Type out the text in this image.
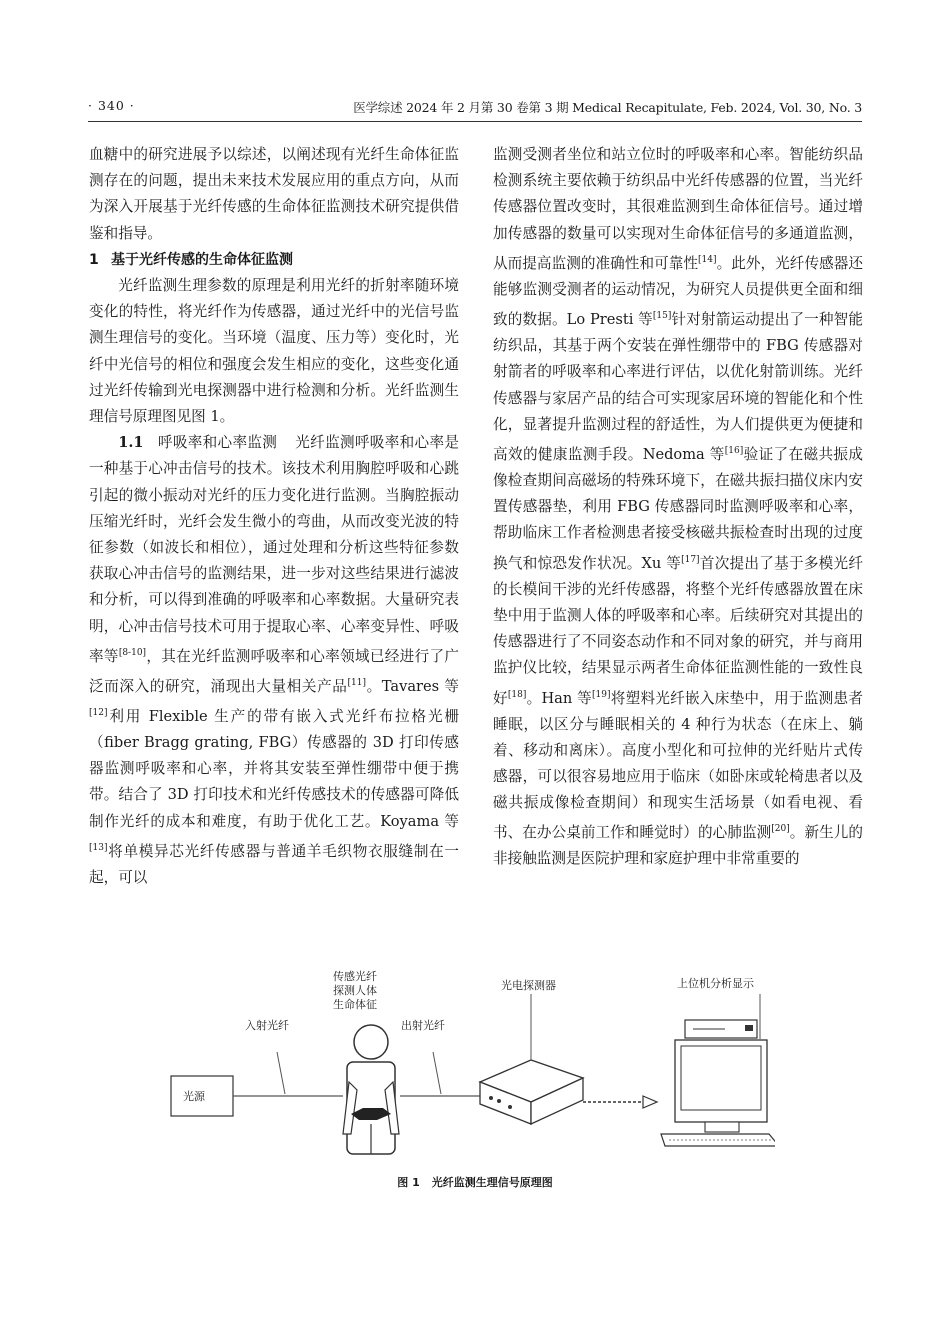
· 340 ·	医学综述 2024 年 2 月第 30 卷第 3 期 Medical Recapitulate, Feb. 2024, Vol. 30, No. 3

血糖中的研究进展予以综述，以阐述现有光纤生命体征监测存在的问题，提出未来技术发展应用的重点方向，从而为深入开展基于光纤传感的生命体征监测技术研究提供借鉴和指导。

1 基于光纤传感的生命体征监测

光纤监测生理参数的原理是利用光纤的折射率随环境变化的特性，将光纤作为传感器，通过光纤中的光信号监测生理信号的变化。当环境（温度、压力等）变化时，光纤中光信号的相位和强度会发生相应的变化，这些变化通过光纤传输到光电探测器中进行检测和分析。光纤监测生理信号原理图见图 1。

1.1 呼吸率和心率监测 光纤监测呼吸率和心率是一种基于心冲击信号的技术。该技术利用胸腔呼吸和心跳引起的微小振动对光纤的压力变化进行监测。当胸腔振动压缩光纤时，光纤会发生微小的弯曲，从而改变光波的特征参数（如波长和相位），通过处理和分析这些特征参数获取心冲击信号的监测结果，进一步对这些结果进行滤波和分析，可以得到准确的呼吸率和心率数据。大量研究表明，心冲击信号技术可用于提取心率、心率变异性、呼吸率等[8-10]，其在光纤监测呼吸率和心率领域已经进行了广泛而深入的研究，涌现出大量相关产品[11]。Tavares 等[12]利用 Flexible 生产的带有嵌入式光纤布拉格光栅（fiber Bragg grating, FBG）传感器的 3D 打印传感器监测呼吸率和心率，并将其安装至弹性绷带中便于携带。结合了 3D 打印技术和光纤传感技术的传感器可降低制作光纤的成本和难度，有助于优化工艺。Koyama 等[13]将单模异芯光纤传感器与普通羊毛织物衣服缝制在一起，可以

监测受测者坐位和站立位时的呼吸率和心率。智能纺织品检测系统主要依赖于纺织品中光纤传感器的位置，当光纤传感器位置改变时，其很难监测到生命体征信号。通过增加传感器的数量可以实现对生命体征信号的多通道监测，从而提高监测的准确性和可靠性[14]。此外，光纤传感器还能够监测受测者的运动情况，为研究人员提供更全面和细致的数据。Lo Presti 等[15]针对射箭运动提出了一种智能纺织品，其基于两个安装在弹性绷带中的 FBG 传感器对射箭者的呼吸率和心率进行评估，以优化射箭训练。光纤传感器与家居产品的结合可实现家居环境的智能化和个性化，显著提升监测过程的舒适性，为人们提供更为便捷和高效的健康监测手段。Nedoma 等[16]验证了在磁共振成像检查期间高磁场的特殊环境下，在磁共振扫描仪床内安置传感器垫，利用 FBG 传感器同时监测呼吸率和心率，帮助临床工作者检测患者接受核磁共振检查时出现的过度换气和惊恐发作状况。Xu 等[17]首次提出了基于多模光纤的长模间干涉的光纤传感器，将整个光纤传感器放置在床垫中用于监测人体的呼吸率和心率。后续研究对其提出的传感器进行了不同姿态动作和不同对象的研究，并与商用监护仪比较，结果显示两者生命体征监测性能的一致性良好[18]。Han 等[19]将塑料光纤嵌入床垫中，用于监测患者睡眠，以区分与睡眠相关的 4 种行为状态（在床上、躺着、移动和离床）。高度小型化和可拉伸的光纤贴片式传感器，可以很容易地应用于临床（如卧床或轮椅患者以及磁共振成像检查期间）和现实生活场景（如看电视、看书、在办公桌前工作和睡觉时）的心肺监测[20]。新生儿的非接触监测是医院护理和家庭护理中非常重要的

光源
入射光纤
传感光纤
探测人体
生命体征
出射光纤
光电探测器	上位机分析显示
图 1 光纤监测生理信号原理图
